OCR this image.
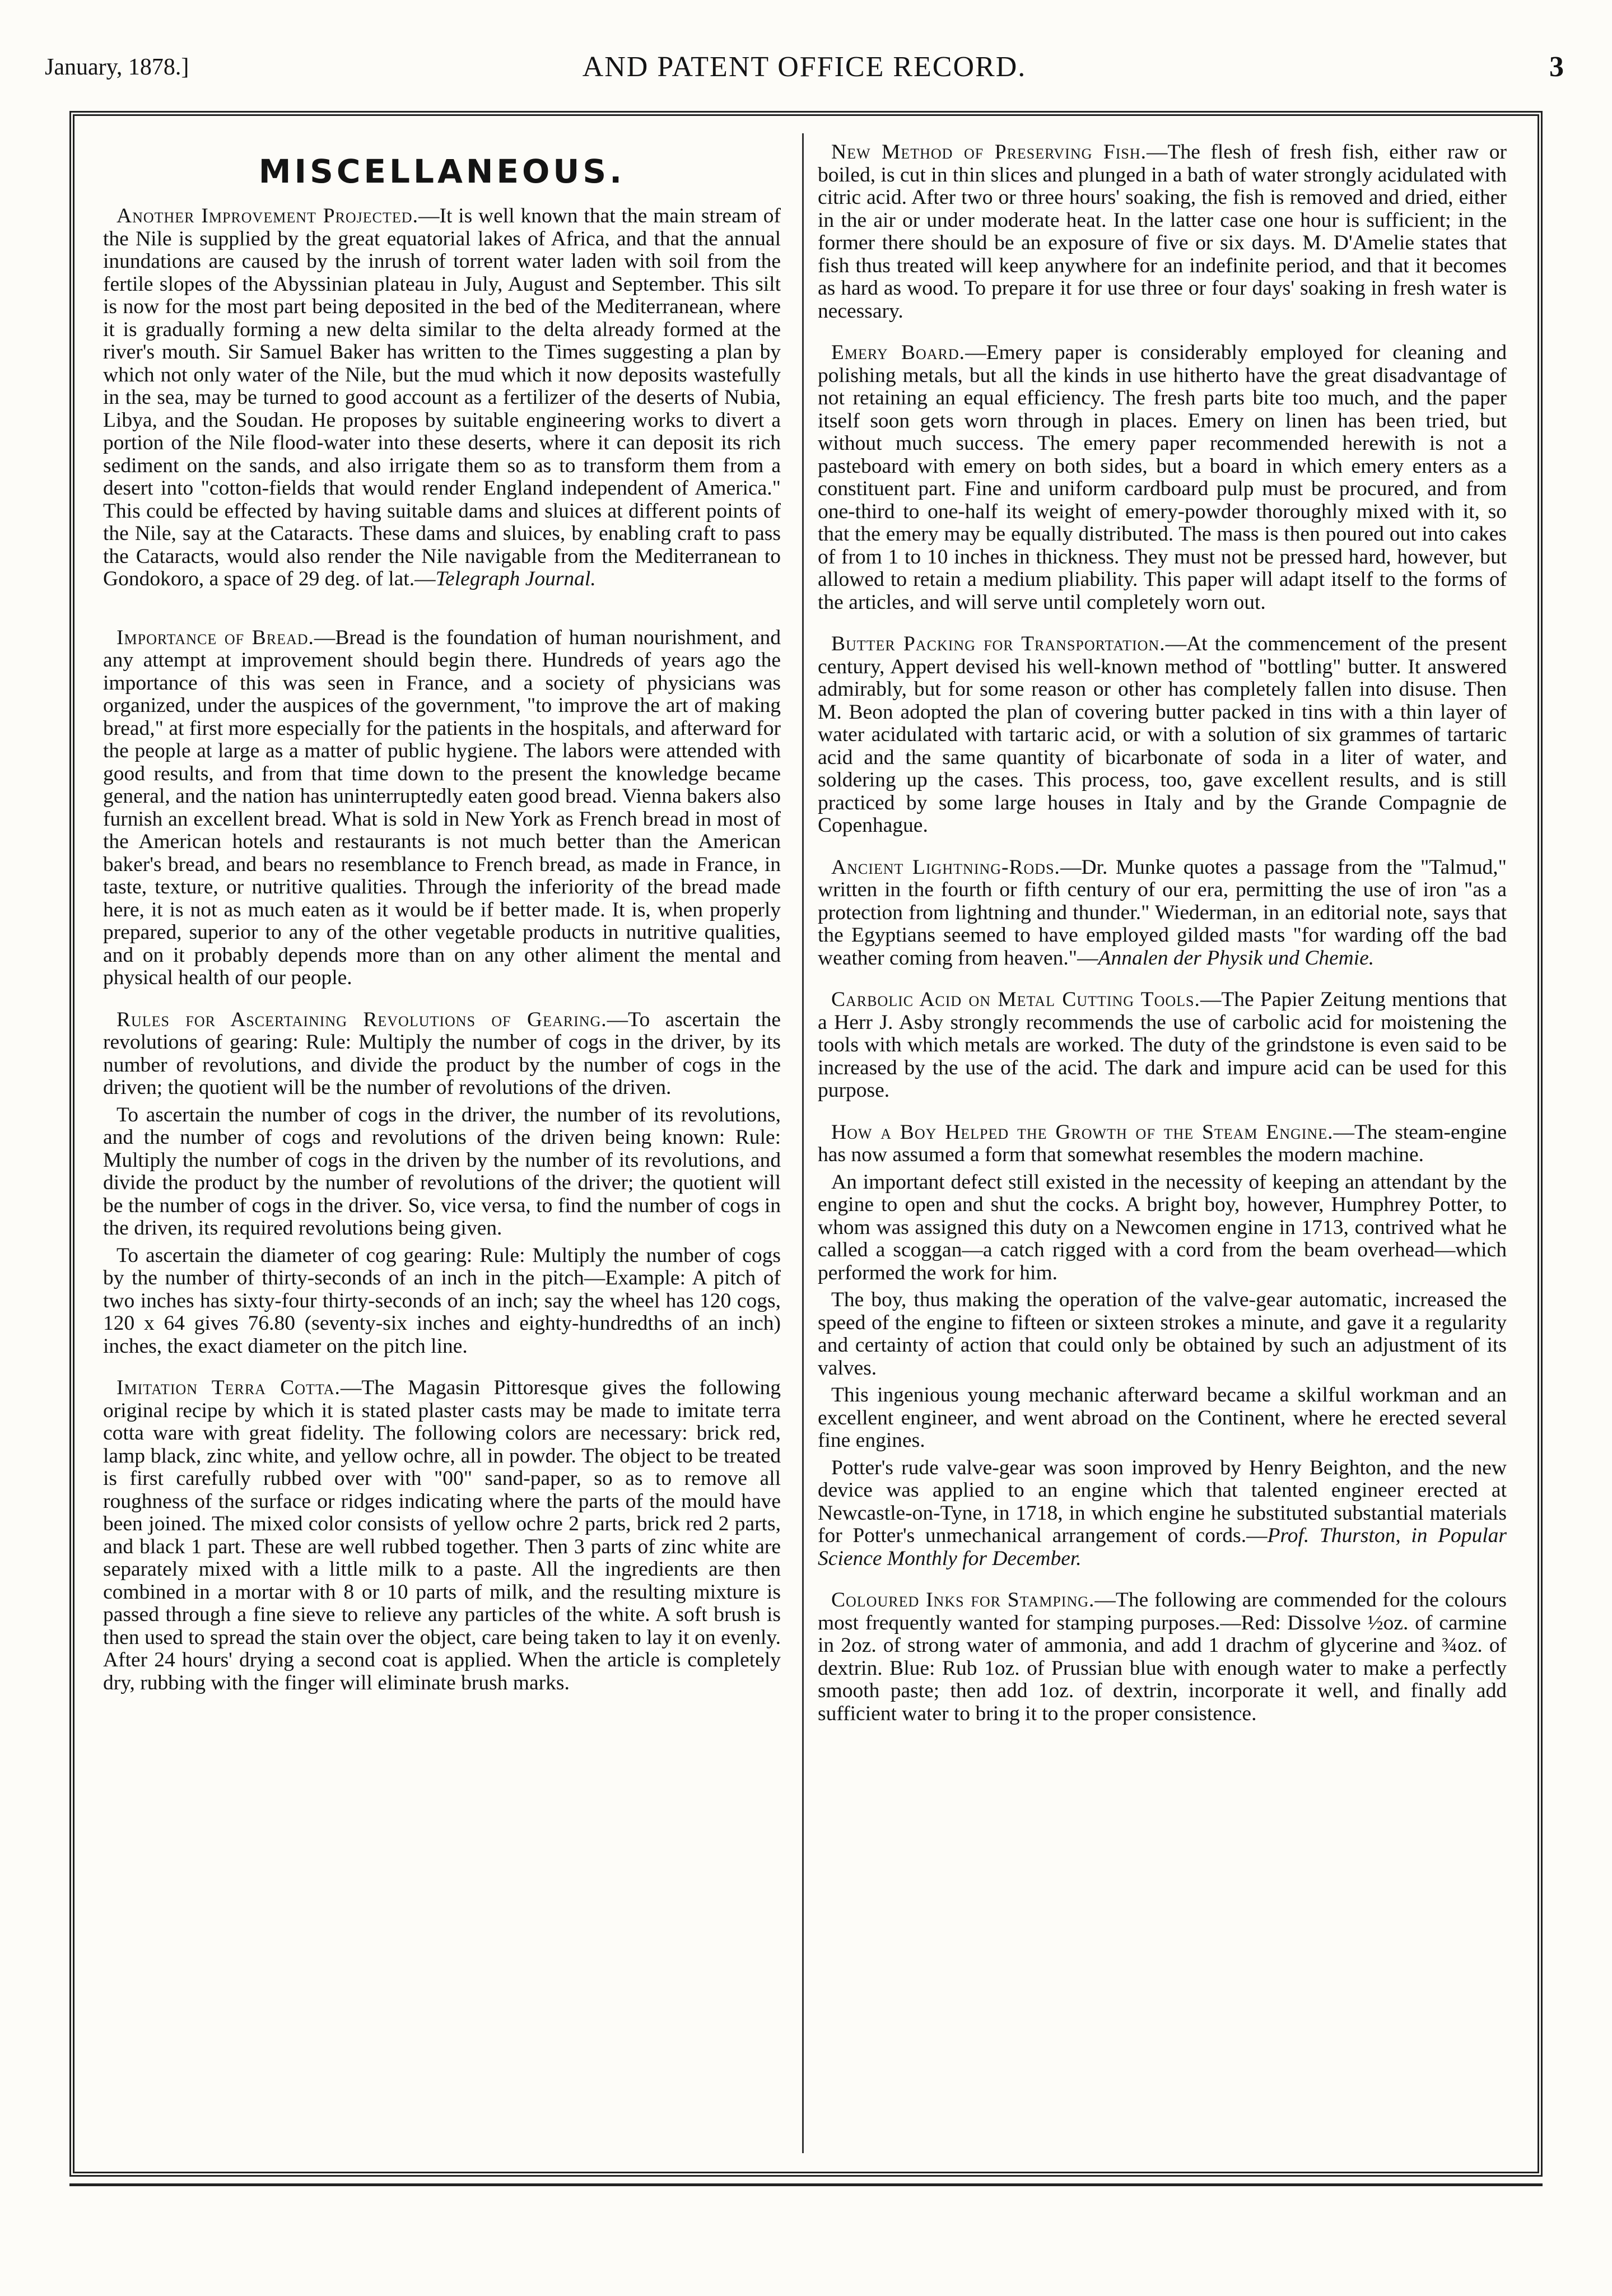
January, 1878.]	AND PATENT OFFICE RECORD.	3
MISCELLANEOUS.

Another Improvement Projected.—It is well known that the main stream of the Nile is supplied by the great equatorial lakes of Africa, and that the annual inundations are caused by the inrush of torrent water laden with soil from the fertile slopes of the Abyssinian plateau in July, August and September. This silt is now for the most part being deposited in the bed of the Mediterranean, where it is gradually forming a new delta similar to the delta already formed at the river's mouth. Sir Samuel Baker has written to the Times suggesting a plan by which not only water of the Nile, but the mud which it now deposits wastefully in the sea, may be turned to good account as a fertilizer of the deserts of Nubia, Libya, and the Soudan. He proposes by suitable engineering works to divert a portion of the Nile flood-water into these deserts, where it can deposit its rich sediment on the sands, and also irrigate them so as to transform them from a desert into "cotton-fields that would render England independent of America." This could be effected by having suitable dams and sluices at different points of the Nile, say at the Cataracts. These dams and sluices, by enabling craft to pass the Cataracts, would also render the Nile navigable from the Mediterranean to Gondokoro, a space of 29 deg. of lat.—Telegraph Journal.

Importance of Bread.—Bread is the foundation of human nourishment, and any attempt at improvement should begin there. Hundreds of years ago the importance of this was seen in France, and a society of physicians was organized, under the auspices of the government, "to improve the art of making bread," at first more especially for the patients in the hospitals, and afterward for the people at large as a matter of public hygiene. The labors were attended with good results, and from that time down to the present the knowledge became general, and the nation has uninterruptedly eaten good bread. Vienna bakers also furnish an excellent bread. What is sold in New York as French bread in most of the American hotels and restaurants is not much better than the American baker's bread, and bears no resemblance to French bread, as made in France, in taste, texture, or nutritive qualities. Through the inferiority of the bread made here, it is not as much eaten as it would be if better made. It is, when properly prepared, superior to any of the other vegetable products in nutritive qualities, and on it probably depends more than on any other aliment the mental and physical health of our people.

Rules for Ascertaining Revolutions of Gearing.—To ascertain the revolutions of gearing: Rule: Multiply the number of cogs in the driver, by its number of revolutions, and divide the product by the number of cogs in the driven; the quotient will be the number of revolutions of the driven.

To ascertain the number of cogs in the driver, the number of its revolutions, and the number of cogs and revolutions of the driven being known: Rule: Multiply the number of cogs in the driven by the number of its revolutions, and divide the product by the number of revolutions of the driver; the quotient will be the number of cogs in the driver. So, vice versa, to find the number of cogs in the driven, its required revolutions being given.

To ascertain the diameter of cog gearing: Rule: Multiply the number of cogs by the number of thirty-seconds of an inch in the pitch—Example: A pitch of two inches has sixty-four thirty-seconds of an inch; say the wheel has 120 cogs, 120 x 64 gives 76.80 (seventy-six inches and eighty-hundredths of an inch) inches, the exact diameter on the pitch line.

Imitation Terra Cotta.—The Magasin Pittoresque gives the following original recipe by which it is stated plaster casts may be made to imitate terra cotta ware with great fidelity. The following colors are necessary: brick red, lamp black, zinc white, and yellow ochre, all in powder. The object to be treated is first carefully rubbed over with "00" sand-paper, so as to remove all roughness of the surface or ridges indicating where the parts of the mould have been joined. The mixed color consists of yellow ochre 2 parts, brick red 2 parts, and black 1 part. These are well rubbed together. Then 3 parts of zinc white are separately mixed with a little milk to a paste. All the ingredients are then combined in a mortar with 8 or 10 parts of milk, and the resulting mixture is passed through a fine sieve to relieve any particles of the white. A soft brush is then used to spread the stain over the object, care being taken to lay it on evenly. After 24 hours' drying a second coat is applied. When the article is completely dry, rubbing with the finger will eliminate brush marks.

New Method of Preserving Fish.—The flesh of fresh fish, either raw or boiled, is cut in thin slices and plunged in a bath of water strongly acidulated with citric acid. After two or three hours' soaking, the fish is removed and dried, either in the air or under moderate heat. In the latter case one hour is sufficient; in the former there should be an exposure of five or six days. M. D'Amelie states that fish thus treated will keep anywhere for an indefinite period, and that it becomes as hard as wood. To prepare it for use three or four days' soaking in fresh water is necessary.

Emery Board.—Emery paper is considerably employed for cleaning and polishing metals, but all the kinds in use hitherto have the great disadvantage of not retaining an equal efficiency. The fresh parts bite too much, and the paper itself soon gets worn through in places. Emery on linen has been tried, but without much success. The emery paper recommended herewith is not a pasteboard with emery on both sides, but a board in which emery enters as a constituent part. Fine and uniform cardboard pulp must be procured, and from one-third to one-half its weight of emery-powder thoroughly mixed with it, so that the emery may be equally distributed. The mass is then poured out into cakes of from 1 to 10 inches in thickness. They must not be pressed hard, however, but allowed to retain a medium pliability. This paper will adapt itself to the forms of the articles, and will serve until completely worn out.

Butter Packing for Transportation.—At the commencement of the present century, Appert devised his well-known method of "bottling" butter. It answered admirably, but for some reason or other has completely fallen into disuse. Then M. Beon adopted the plan of covering butter packed in tins with a thin layer of water acidulated with tartaric acid, or with a solution of six grammes of tartaric acid and the same quantity of bicarbonate of soda in a liter of water, and soldering up the cases. This process, too, gave excellent results, and is still practiced by some large houses in Italy and by the Grande Compagnie de Copenhague.

Ancient Lightning-Rods.—Dr. Munke quotes a passage from the "Talmud," written in the fourth or fifth century of our era, permitting the use of iron "as a protection from lightning and thunder." Wiederman, in an editorial note, says that the Egyptians seemed to have employed gilded masts "for warding off the bad weather coming from heaven."—Annalen der Physik und Chemie.

Carbolic Acid on Metal Cutting Tools.—The Papier Zeitung mentions that a Herr J. Asby strongly recommends the use of carbolic acid for moistening the tools with which metals are worked. The duty of the grindstone is even said to be increased by the use of the acid. The dark and impure acid can be used for this purpose.

How a Boy Helped the Growth of the Steam Engine.—The steam-engine has now assumed a form that somewhat resembles the modern machine.

An important defect still existed in the necessity of keeping an attendant by the engine to open and shut the cocks. A bright boy, however, Humphrey Potter, to whom was assigned this duty on a Newcomen engine in 1713, contrived what he called a scoggan—a catch rigged with a cord from the beam overhead—which performed the work for him.

The boy, thus making the operation of the valve-gear automatic, increased the speed of the engine to fifteen or sixteen strokes a minute, and gave it a regularity and certainty of action that could only be obtained by such an adjustment of its valves.

This ingenious young mechanic afterward became a skilful workman and an excellent engineer, and went abroad on the Continent, where he erected several fine engines.

Potter's rude valve-gear was soon improved by Henry Beighton, and the new device was applied to an engine which that talented engineer erected at Newcastle-on-Tyne, in 1718, in which engine he substituted substantial materials for Potter's unmechanical arrangement of cords.—Prof. Thurston, in Popular Science Monthly for December.

Coloured Inks for Stamping.—The following are commended for the colours most frequently wanted for stamping purposes.—Red: Dissolve ½oz. of carmine in 2oz. of strong water of ammonia, and add 1 drachm of glycerine and ¾oz. of dextrin. Blue: Rub 1oz. of Prussian blue with enough water to make a perfectly smooth paste; then add 1oz. of dextrin, incorporate it well, and finally add sufficient water to bring it to the proper consistence.
